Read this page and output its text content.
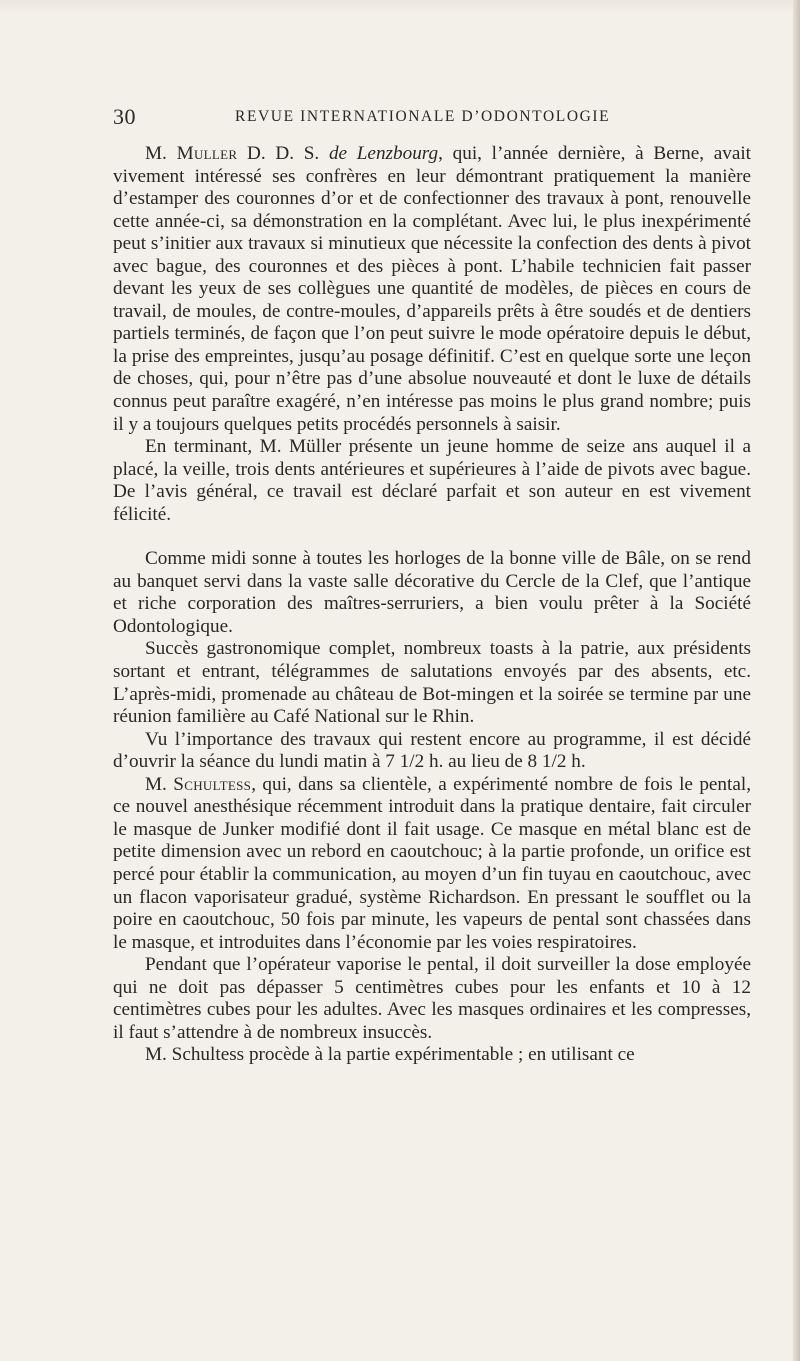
30	REVUE INTERNATIONALE D’ODONTOLOGIE

M. Muller D. D. S. de Lenzbourg, qui, l’année dernière, à Berne, avait vivement intéressé ses confrères en leur démontrant pratiquement la manière d’estamper des couronnes d’or et de confectionner des travaux à pont, renouvelle cette année-ci, sa démonstration en la complétant. Avec lui, le plus inexpérimenté peut s’initier aux travaux si minutieux que nécessite la confection des dents à pivot avec bague, des couronnes et des pièces à pont. L’habile technicien fait passer devant les yeux de ses collègues une quantité de modèles, de pièces en cours de travail, de moules, de contre-moules, d’appareils prêts à être soudés et de dentiers partiels terminés, de façon que l’on peut suivre le mode opératoire depuis le début, la prise des empreintes, jusqu’au posage définitif. C’est en quelque sorte une leçon de choses, qui, pour n’être pas d’une absolue nouveauté et dont le luxe de détails connus peut paraître exagéré, n’en intéresse pas moins le plus grand nombre; puis il y a toujours quelques petits procédés personnels à saisir.

En terminant, M. Müller présente un jeune homme de seize ans auquel il a placé, la veille, trois dents antérieures et supérieures à l’aide de pivots avec bague. De l’avis général, ce travail est déclaré parfait et son auteur en est vivement félicité.

Comme midi sonne à toutes les horloges de la bonne ville de Bâle, on se rend au banquet servi dans la vaste salle décorative du Cercle de la Clef, que l’antique et riche corporation des maîtres-serruriers, a bien voulu prêter à la Société Odontologique.

Succès gastronomique complet, nombreux toasts à la patrie, aux présidents sortant et entrant, télégrammes de salutations envoyés par des absents, etc. L’après-midi, promenade au château de Bot-mingen et la soirée se termine par une réunion familière au Café National sur le Rhin.

Vu l’importance des travaux qui restent encore au programme, il est décidé d’ouvrir la séance du lundi matin à 7 1/2 h. au lieu de 8 1/2 h.

M. Schultess, qui, dans sa clientèle, a expérimenté nombre de fois le pental, ce nouvel anesthésique récemment introduit dans la pratique dentaire, fait circuler le masque de Junker modifié dont il fait usage. Ce masque en métal blanc est de petite dimension avec un rebord en caoutchouc; à la partie profonde, un orifice est percé pour établir la communication, au moyen d’un fin tuyau en caoutchouc, avec un flacon vaporisateur gradué, système Richardson. En pressant le soufflet ou la poire en caoutchouc, 50 fois par minute, les vapeurs de pental sont chassées dans le masque, et introduites dans l’économie par les voies respiratoires.

Pendant que l’opérateur vaporise le pental, il doit surveiller la dose employée qui ne doit pas dépasser 5 centimètres cubes pour les enfants et 10 à 12 centimètres cubes pour les adultes. Avec les masques ordinaires et les compresses, il faut s’attendre à de nombreux insuccès.

M. Schultess procède à la partie expérimentable ; en utilisant ce
